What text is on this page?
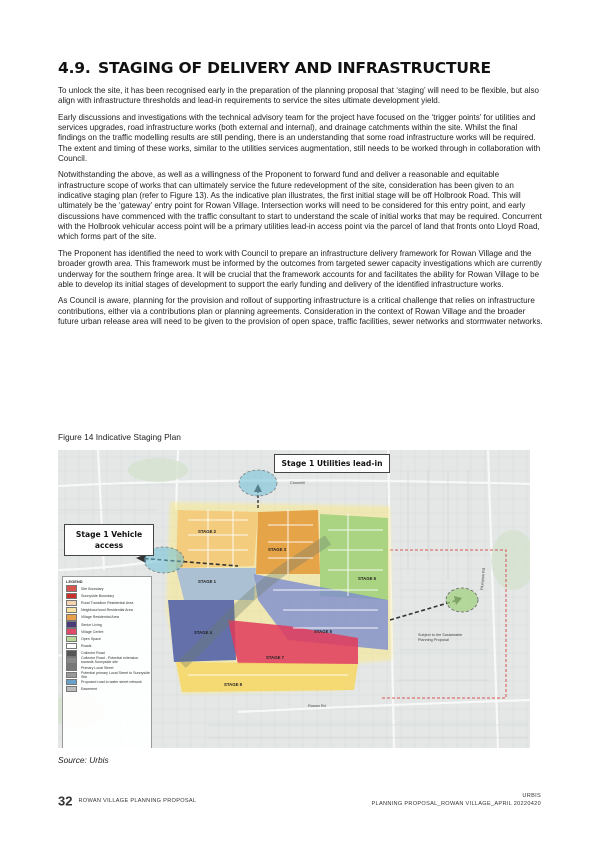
4.9. STAGING OF DELIVERY AND INFRASTRUCTURE

To unlock the site, it has been recognised early in the preparation of the planning proposal that ‘staging’ will need to be flexible, but also align with infrastructure thresholds and lead-in requirements to service the sites ultimate development yield.

Early discussions and investigations with the technical advisory team for the project have focused on the ‘trigger points’ for utilities and services upgrades, road infrastructure works (both external and internal), and drainage catchments within the site. Whilst the final findings on the traffic modelling results are still pending, there is an understanding that some road infrastructure works will be required. The extent and timing of these works, similar to the utilities services augmentation, still needs to be worked through in collaboration with Council.

Notwithstanding the above, as well as a willingness of the Proponent to forward fund and deliver a reasonable and equitable infrastructure scope of works that can ultimately service the future redevelopment of the site, consideration has been given to an indicative staging plan (refer to Figure 13). As the indicative plan illustrates, the first initial stage will be off Holbrook Road. This will ultimately be the ‘gateway’ entry point for Rowan Village. Intersection works will need to be considered for this entry point, and early discussions have commenced with the traffic consultant to start to understand the scale of initial works that may be required. Concurrent with the Holbrook vehicular access point will be a primary utilities lead-in access point via the parcel of land that fronts onto Lloyd Road, which forms part of the site.

The Proponent has identified the need to work with Council to prepare an infrastructure delivery framework for Rowan Village and the broader growth area. This framework must be informed by the outcomes from targeted sewer capacity investigations which are currently underway for the southern fringe area. It will be crucial that the framework accounts for and facilitates the ability for Rowan Village to be able to develop its initial stages of development to support the early funding and delivery of the identified infrastructure works.

As Council is aware, planning for the provision and rollout of supporting infrastructure is a critical challenge that relies on infrastructure contributions, either via a contributions plan or planning agreements. Consideration in the context of Rowan Village and the broader future urban release area will need to be given to the provision of open space, traffic facilities, sewer networks and stormwater networks.

Figure 14 Indicative Staging Plan
STAGE 2
STAGE 3
STAGE 6
STAGE 1
STAGE 4	STAGE 5
STAGE 7
STAGE 8
Churchill
Rowan Rd
Plumpton Rd
Subject to the Sustainable
Planning Proposal
Stage 1 Utilities lead-in
Stage 1 Vehicle
access
LEGEND
Site Boundary
Sunnyside Boundary
Rural Transition Residential Area
Neighbourhood Residential Area
Village Residential Area
Senior Living
Village Centre
Open Space
Roads
Collector Road
Collector Road - Potential extension towards Sunnyside site
Primary Local Street
Potential primary Local Street to Sunnyside Site
Proposed road to water street network
Easement
Source: Urbis
32 ROWAN VILLAGE PLANNING PROPOSAL
URBIS
PLANNING PROPOSAL_ROWAN VILLAGE_APRIL 20220420
